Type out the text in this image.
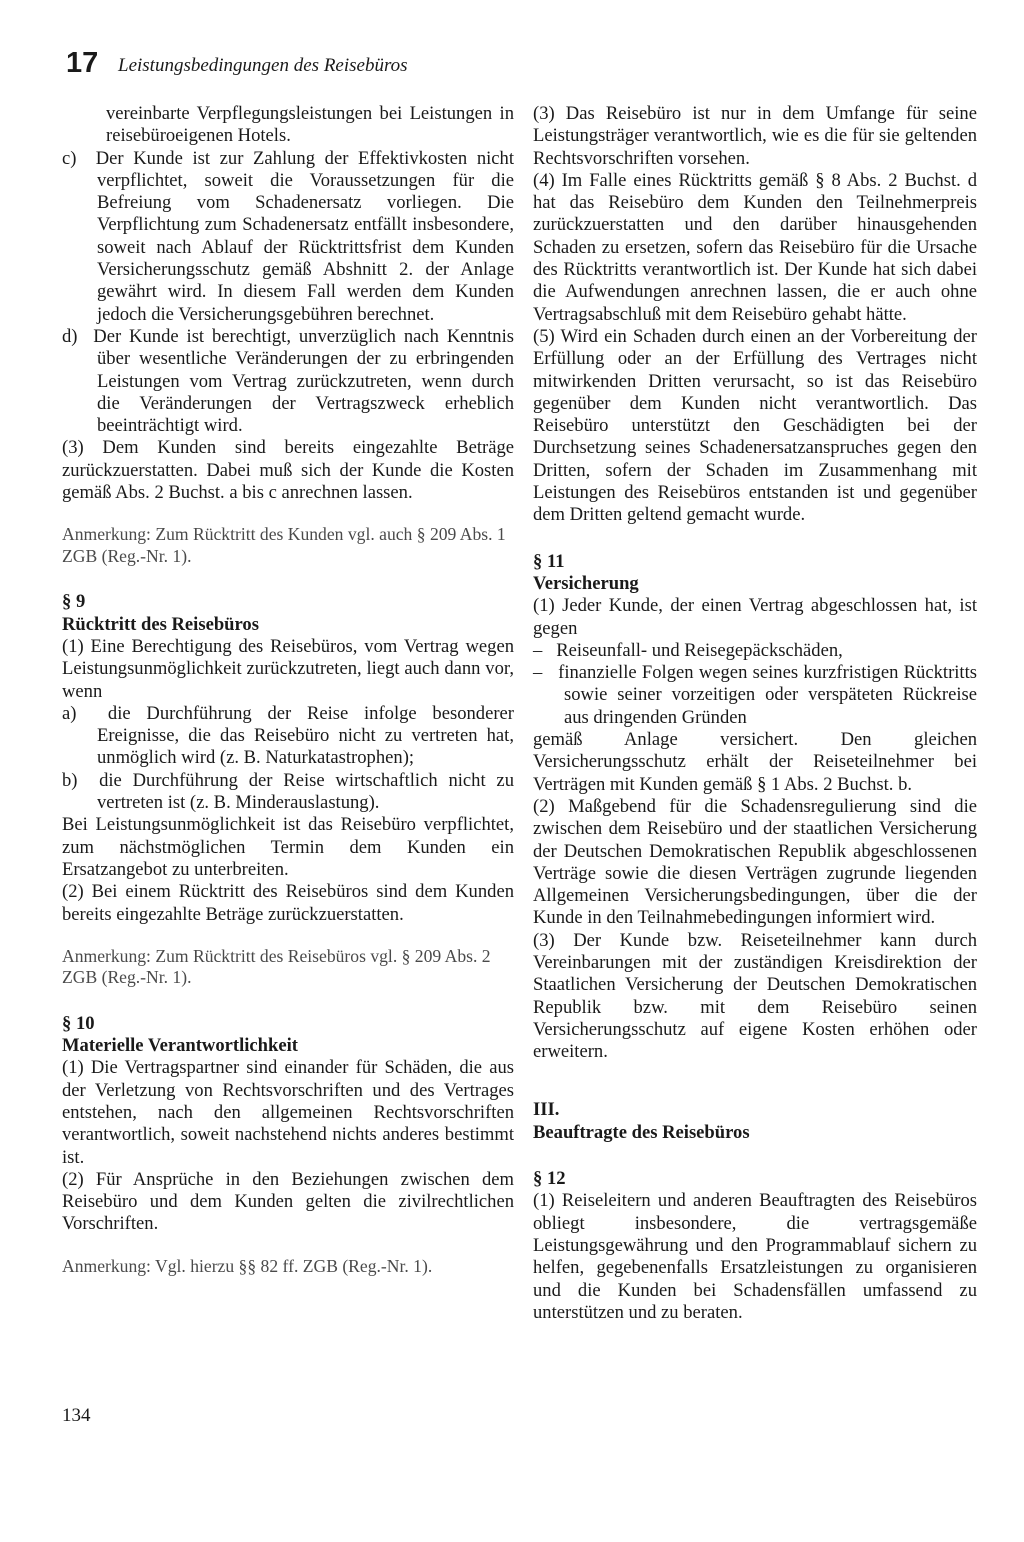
17 Leistungsbedingungen des Reisebüros

vereinbarte Verpflegungsleistungen bei Leistungen in reisebüroeigenen Hotels.

c)  Der Kunde ist zur Zahlung der Effektivkosten nicht verpflichtet, soweit die Voraussetzungen für die Befreiung vom Schadenersatz vorliegen. Die Verpflichtung zum Schadenersatz entfällt insbesondere, soweit nach Ablauf der Rücktrittsfrist dem Kunden Versicherungsschutz gemäß Abshnitt 2. der Anlage gewährt wird. In diesem Fall werden dem Kunden jedoch die Versicherungsgebühren berechnet.

d)  Der Kunde ist berechtigt, unverzüglich nach Kenntnis über wesentliche Veränderungen der zu erbringenden Leistungen vom Vertrag zurückzutreten, wenn durch die Veränderungen der Vertragszweck erheblich beeinträchtigt wird.

(3) Dem Kunden sind bereits eingezahlte Beträge zurückzuerstatten. Dabei muß sich der Kunde die Kosten gemäß Abs. 2 Buchst. a bis c anrechnen lassen.

Anmerkung: Zum Rücktritt des Kunden vgl. auch § 209 Abs. 1 ZGB (Reg.-Nr. 1).

§ 9

Rücktritt des Reisebüros

(1) Eine Berechtigung des Reisebüros, vom Vertrag wegen Leistungsunmöglichkeit zurückzutreten, liegt auch dann vor, wenn

a)  die Durchführung der Reise infolge besonderer Ereignisse, die das Reisebüro nicht zu vertreten hat, unmöglich wird (z. B. Naturkatastrophen);

b)  die Durchführung der Reise wirtschaftlich nicht zu vertreten ist (z. B. Minderauslastung).

Bei Leistungsunmöglichkeit ist das Reisebüro verpflichtet, zum nächstmöglichen Termin dem Kunden ein Ersatzangebot zu unterbreiten.

(2) Bei einem Rücktritt des Reisebüros sind dem Kunden bereits eingezahlte Beträge zurückzuerstatten.

Anmerkung: Zum Rücktritt des Reisebüros vgl. § 209 Abs. 2 ZGB (Reg.-Nr. 1).

§ 10

Materielle Verantwortlichkeit

(1) Die Vertragspartner sind einander für Schäden, die aus der Verletzung von Rechtsvorschriften und des Vertrages entstehen, nach den allgemeinen Rechtsvorschriften verantwortlich, soweit nachstehend nichts anderes bestimmt ist.

(2) Für Ansprüche in den Beziehungen zwischen dem Reisebüro und dem Kunden gelten die zivilrechtlichen Vorschriften.

Anmerkung: Vgl. hierzu §§ 82 ff. ZGB (Reg.-Nr. 1).

(3) Das Reisebüro ist nur in dem Umfange für seine Leistungsträger verantwortlich, wie es die für sie geltenden Rechtsvorschriften vorsehen.

(4) Im Falle eines Rücktritts gemäß § 8 Abs. 2 Buchst. d hat das Reisebüro dem Kunden den Teilnehmerpreis zurückzuerstatten und den darüber hinausgehenden Schaden zu ersetzen, sofern das Reisebüro für die Ursache des Rücktritts verantwortlich ist. Der Kunde hat sich dabei die Aufwendungen anrechnen lassen, die er auch ohne Vertragsabschluß mit dem Reisebüro gehabt hätte.

(5) Wird ein Schaden durch einen an der Vorbereitung der Erfüllung oder an der Erfüllung des Vertrages nicht mitwirkenden Dritten verursacht, so ist das Reisebüro gegenüber dem Kunden nicht verantwortlich. Das Reisebüro unterstützt den Geschädigten bei der Durchsetzung seines Schadenersatzanspruches gegen den Dritten, sofern der Schaden im Zusammenhang mit Leistungen des Reisebüros entstanden ist und gegenüber dem Dritten geltend gemacht wurde.

§ 11

Versicherung

(1) Jeder Kunde, der einen Vertrag abgeschlossen hat, ist gegen

–   Reiseunfall- und Reisegepäckschäden,

–   finanzielle Folgen wegen seines kurzfristigen Rücktritts sowie seiner vorzeitigen oder verspäteten Rückreise aus dringenden Gründen

gemäß Anlage versichert. Den gleichen Versicherungsschutz erhält der Reiseteilnehmer bei Verträgen mit Kunden gemäß § 1 Abs. 2 Buchst. b.

(2) Maßgebend für die Schadensregulierung sind die zwischen dem Reisebüro und der staatlichen Versicherung der Deutschen Demokratischen Republik abgeschlossenen Verträge sowie die diesen Verträgen zugrunde liegenden Allgemeinen Versicherungsbedingungen, über die der Kunde in den Teilnahmebedingungen informiert wird.

(3) Der Kunde bzw. Reiseteilnehmer kann durch Vereinbarungen mit der zuständigen Kreisdirektion der Staatlichen Versicherung der Deutschen Demokratischen Republik bzw. mit dem Reisebüro seinen Versicherungsschutz auf eigene Kosten erhöhen oder erweitern.

III.

Beauftragte des Reisebüros

§ 12

(1) Reiseleitern und anderen Beauftragten des Reisebüros obliegt insbesondere, die vertragsgemäße Leistungsgewährung und den Programmablauf sichern zu helfen, gegebenenfalls Ersatzleistungen zu organisieren und die Kunden bei Schadensfällen umfassend zu unterstützen und zu beraten.

134
